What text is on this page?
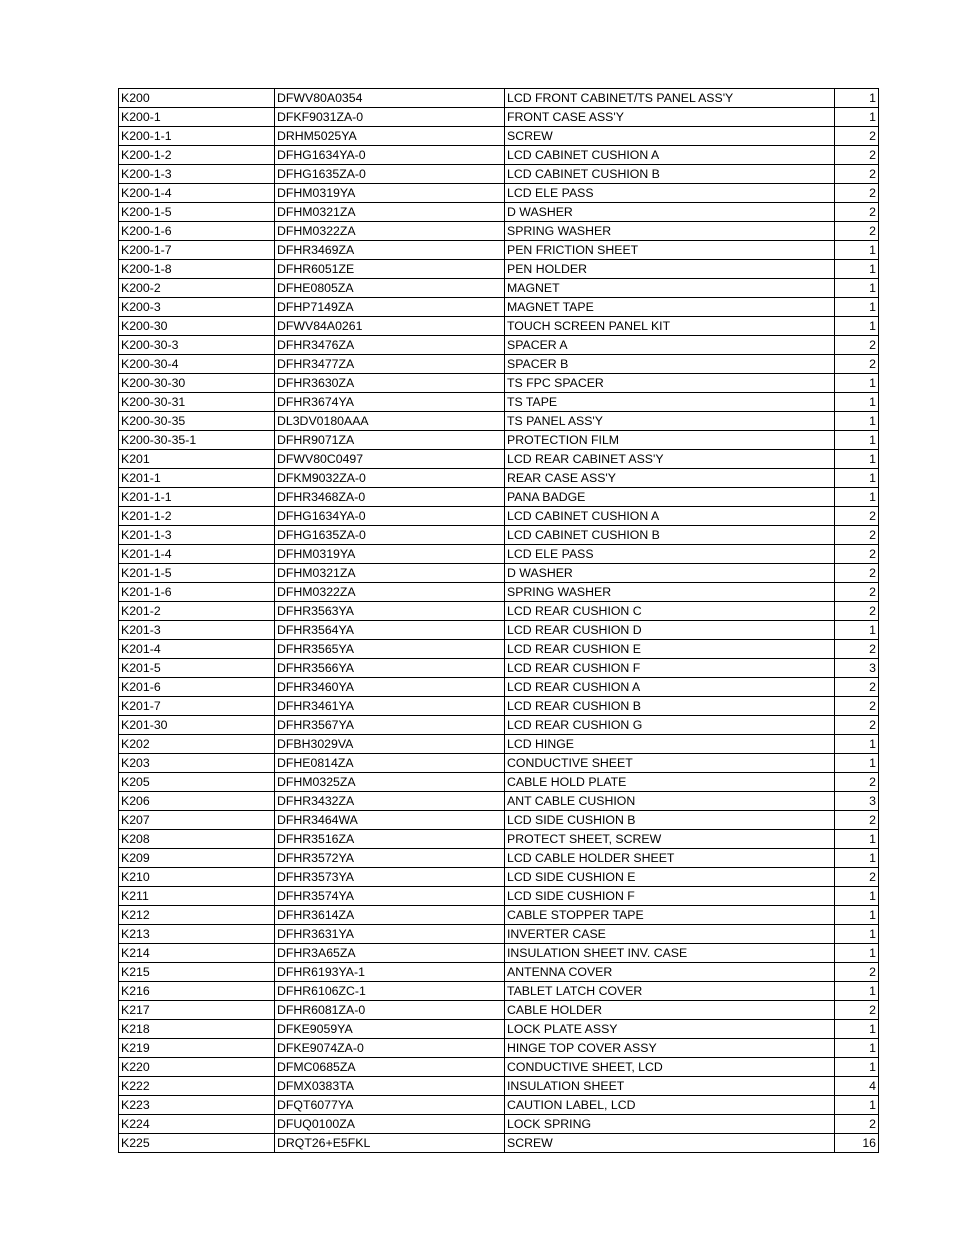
K200	DFWV80A0354	LCD FRONT CABINET/TS PANEL ASS'Y	1
K200-1	DFKF9031ZA-0	FRONT CASE ASS'Y	1
K200-1-1	DRHM5025YA	SCREW	2
K200-1-2	DFHG1634YA-0	LCD CABINET CUSHION A	2
K200-1-3	DFHG1635ZA-0	LCD CABINET CUSHION B	2
K200-1-4	DFHM0319YA	LCD ELE PASS	2
K200-1-5	DFHM0321ZA	D WASHER	2
K200-1-6	DFHM0322ZA	SPRING WASHER	2
K200-1-7	DFHR3469ZA	PEN FRICTION SHEET	1
K200-1-8	DFHR6051ZE	PEN HOLDER	1
K200-2	DFHE0805ZA	MAGNET	1
K200-3	DFHP7149ZA	MAGNET TAPE	1
K200-30	DFWV84A0261	TOUCH SCREEN PANEL KIT	1
K200-30-3	DFHR3476ZA	SPACER A	2
K200-30-4	DFHR3477ZA	SPACER B	2
K200-30-30	DFHR3630ZA	TS FPC SPACER	1
K200-30-31	DFHR3674YA	TS TAPE	1
K200-30-35	DL3DV0180AAA	TS PANEL ASS'Y	1
K200-30-35-1	DFHR9071ZA	PROTECTION FILM	1
K201	DFWV80C0497	LCD REAR CABINET ASS'Y	1
K201-1	DFKM9032ZA-0	REAR CASE ASS'Y	1
K201-1-1	DFHR3468ZA-0	PANA BADGE	1
K201-1-2	DFHG1634YA-0	LCD CABINET CUSHION A	2
K201-1-3	DFHG1635ZA-0	LCD CABINET CUSHION B	2
K201-1-4	DFHM0319YA	LCD ELE PASS	2
K201-1-5	DFHM0321ZA	D WASHER	2
K201-1-6	DFHM0322ZA	SPRING WASHER	2
K201-2	DFHR3563YA	LCD REAR CUSHION C	2
K201-3	DFHR3564YA	LCD REAR CUSHION D	1
K201-4	DFHR3565YA	LCD REAR CUSHION E	2
K201-5	DFHR3566YA	LCD REAR CUSHION F	3
K201-6	DFHR3460YA	LCD REAR CUSHION A	2
K201-7	DFHR3461YA	LCD REAR CUSHION B	2
K201-30	DFHR3567YA	LCD REAR CUSHION G	2
K202	DFBH3029VA	LCD HINGE	1
K203	DFHE0814ZA	CONDUCTIVE SHEET	1
K205	DFHM0325ZA	CABLE HOLD PLATE	2
K206	DFHR3432ZA	ANT CABLE CUSHION	3
K207	DFHR3464WA	LCD SIDE CUSHION B	2
K208	DFHR3516ZA	PROTECT SHEET, SCREW	1
K209	DFHR3572YA	LCD CABLE HOLDER SHEET	1
K210	DFHR3573YA	LCD SIDE CUSHION E	2
K211	DFHR3574YA	LCD SIDE CUSHION F	1
K212	DFHR3614ZA	CABLE STOPPER TAPE	1
K213	DFHR3631YA	INVERTER CASE	1
K214	DFHR3A65ZA	INSULATION SHEET INV. CASE	1
K215	DFHR6193YA-1	ANTENNA COVER	2
K216	DFHR6106ZC-1	TABLET LATCH COVER	1
K217	DFHR6081ZA-0	CABLE HOLDER	2
K218	DFKE9059YA	LOCK PLATE ASSY	1
K219	DFKE9074ZA-0	HINGE TOP COVER ASSY	1
K220	DFMC0685ZA	CONDUCTIVE SHEET, LCD	1
K222	DFMX0383TA	INSULATION SHEET	4
K223	DFQT6077YA	CAUTION LABEL, LCD	1
K224	DFUQ0100ZA	LOCK SPRING	2
K225	DRQT26+E5FKL	SCREW	16
